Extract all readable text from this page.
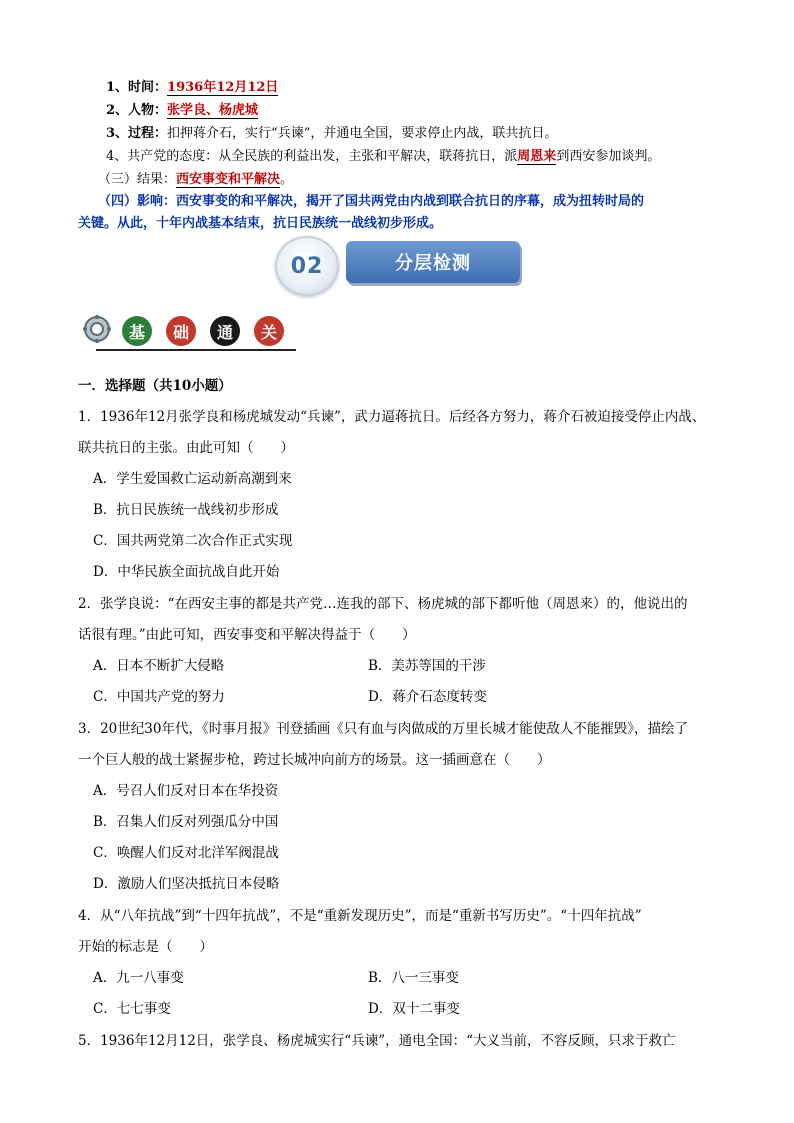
1、时间：1936年12月12日
2、人物：张学良、杨虎城
3、过程：扣押蒋介石，实行“兵谏”，并通电全国，要求停止内战，联共抗日。
4、共产党的态度：从全民族的利益出发，主张和平解决，联蒋抗日，派周恩来到西安参加谈判。
（三）结果：西安事变和平解决。
（四）影响：西安事变的和平解决，揭开了国共两党由内战到联合抗日的序幕，成为扭转时局的
关键。从此，十年内战基本结束，抗日民族统一战线初步形成。
02	分层检测
基	础	通	关
一．选择题（共10小题）
1．1936年12月张学良和杨虎城发动“兵谏”，武力逼蒋抗日。后经各方努力，蒋介石被迫接受停止内战、
联共抗日的主张。由此可知（　　）
A．学生爱国救亡运动新高潮到来
B．抗日民族统一战线初步形成
C．国共两党第二次合作正式实现
D．中华民族全面抗战自此开始
2．张学良说：“在西安主事的都是共产党…连我的部下、杨虎城的部下都听他（周恩来）的，他说出的
话很有理。”由此可知，西安事变和平解决得益于（　　）
A．日本不断扩大侵略	B．美苏等国的干涉
C．中国共产党的努力	D．蒋介石态度转变
3．20世纪30年代，《时事月报》刊登插画《只有血与肉做成的万里长城才能使敌人不能摧毁》，描绘了
一个巨人般的战士紧握步枪，跨过长城冲向前方的场景。这一插画意在（　　）
A．号召人们反对日本在华投资
B．召集人们反对列强瓜分中国
C．唤醒人们反对北洋军阀混战
D．激励人们坚决抵抗日本侵略
4．从“八年抗战”到“十四年抗战”，不是“重新发现历史”，而是“重新书写历史”。“十四年抗战”
开始的标志是（　　）
A．九一八事变	B．八一三事变
C．七七事变	D．双十二事变
5．1936年12月12日，张学良、杨虎城实行“兵谏”，通电全国：“大义当前，不容反顾，只求于救亡
